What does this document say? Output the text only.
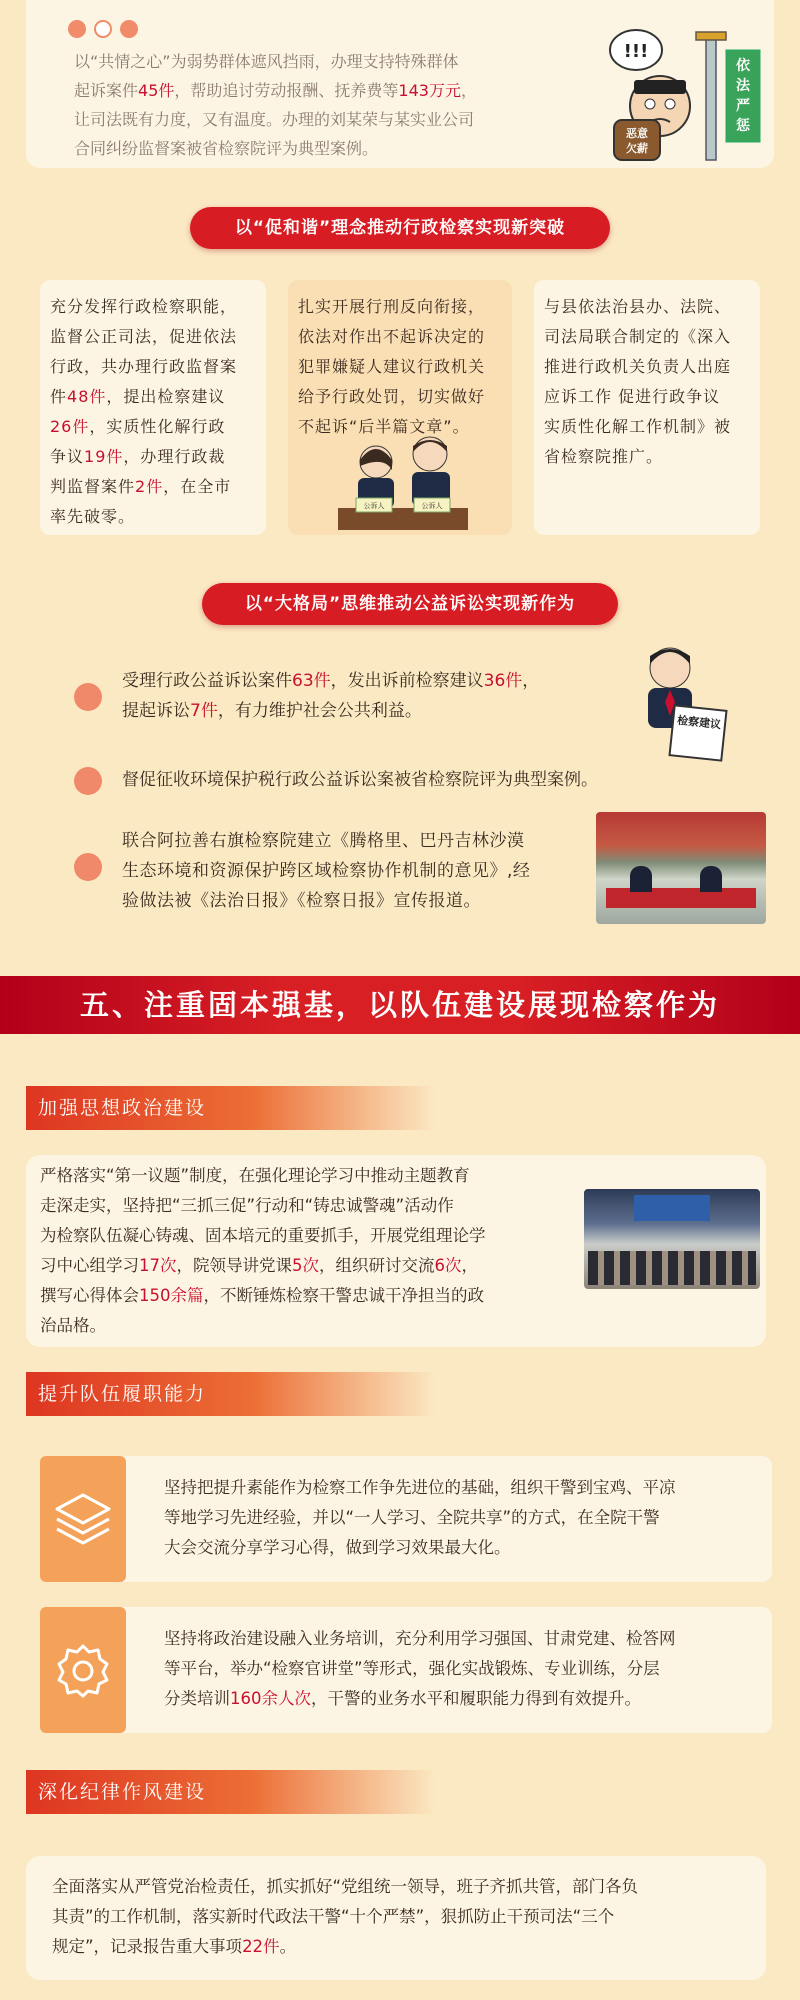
以“共情之心”为弱势群体遮风挡雨，办理支持特殊群体
起诉案件45件，帮助追讨劳动报酬、抚养费等143万元，
让司法既有力度，又有温度。办理的刘某荣与某实业公司
合同纠纷监督案被省检察院评为典型案例。
!!!
恶意
欠薪
依
法
严
惩
以“促和谐”理念推动行政检察实现新突破
充分发挥行政检察职能，
监督公正司法，促进依法
行政，共办理行政监督案
件48件，提出检察建议
26件，实质性化解行政
争议19件，办理行政裁
判监督案件2件，在全市
率先破零。
扎实开展行刑反向衔接，
依法对作出不起诉决定的
犯罪嫌疑人建议行政机关
给予行政处罚，切实做好
不起诉“后半篇文章”。
公诉人	公诉人
与县依法治县办、法院、
司法局联合制定的《深入
推进行政机关负责人出庭
应诉工作 促进行政争议
实质性化解工作机制》被
省检察院推广。
以“大格局”思维推动公益诉讼实现新作为
受理行政公益诉讼案件63件，发出诉前检察建议36件，
提起诉讼7件，有力维护社会公共利益。
检察建议
督促征收环境保护税行政公益诉讼案被省检察院评为典型案例。
联合阿拉善右旗检察院建立《腾格里、巴丹吉林沙漠
生态环境和资源保护跨区域检察协作机制的意见》,经
验做法被《法治日报》《检察日报》宣传报道。
五、注重固本强基，以队伍建设展现检察作为
加强思想政治建设
严格落实“第一议题”制度，在强化理论学习中推动主题教育
走深走实，坚持把“三抓三促”行动和“铸忠诚警魂”活动作
为检察队伍凝心铸魂、固本培元的重要抓手，开展党组理论学
习中心组学习17次，院领导讲党课5次，组织研讨交流6次，
撰写心得体会150余篇，不断锤炼检察干警忠诚干净担当的政
治品格。
提升队伍履职能力
坚持把提升素能作为检察工作争先进位的基础，组织干警到宝鸡、平凉
等地学习先进经验，并以“一人学习、全院共享”的方式，在全院干警
大会交流分享学习心得，做到学习效果最大化。
坚持将政治建设融入业务培训，充分利用学习强国、甘肃党建、检答网
等平台，举办“检察官讲堂”等形式，强化实战锻炼、专业训练，分层
分类培训160余人次，干警的业务水平和履职能力得到有效提升。
深化纪律作风建设
全面落实从严管党治检责任，抓实抓好“党组统一领导，班子齐抓共管，部门各负
其责”的工作机制，落实新时代政法干警“十个严禁”，狠抓防止干预司法“三个
规定”，记录报告重大事项22件。
